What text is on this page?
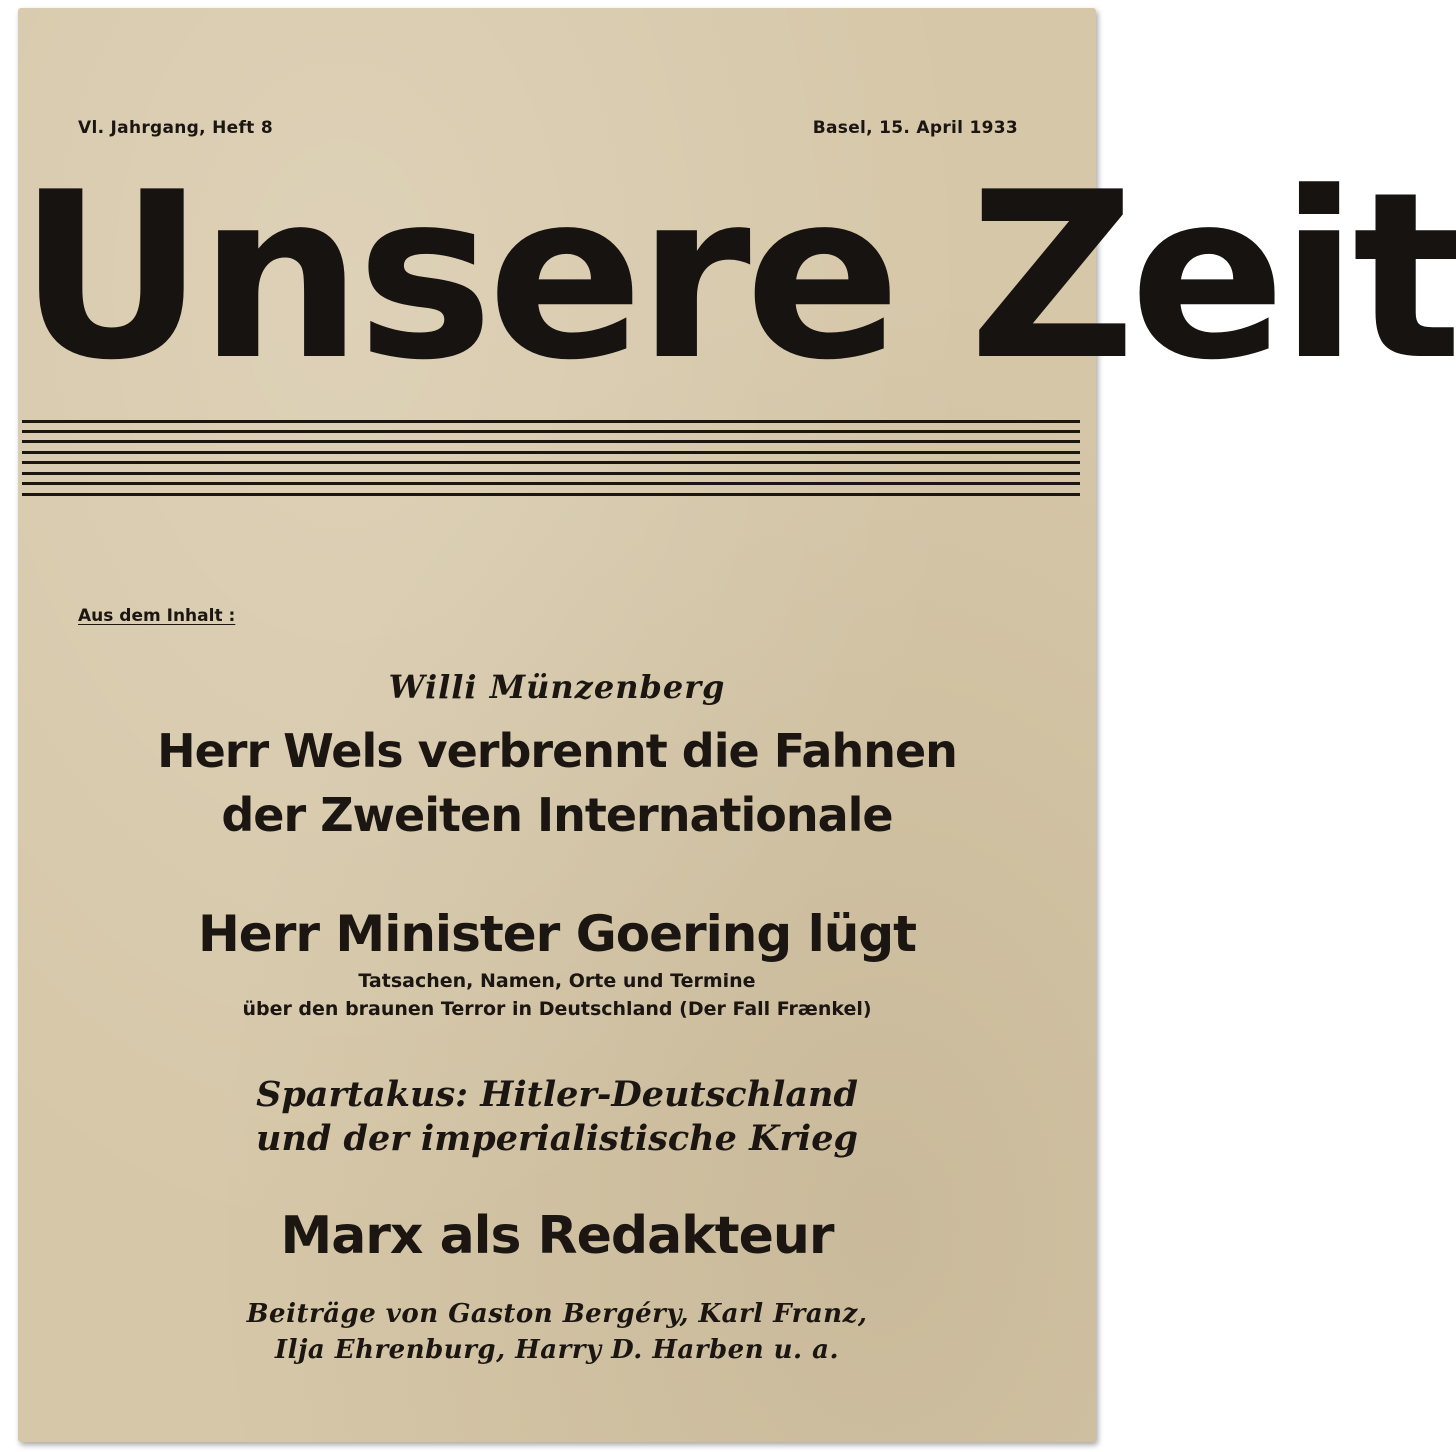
Vl. Jahrgang, Heft 8	Basel, 15. April 1933
Unsere Zeit
Aus dem Inhalt :
Willi Münzenberg
Herr Wels verbrennt die Fahnen
der Zweiten Internationale
Herr Minister Goering lügt
Tatsachen, Namen, Orte und Termine
über den braunen Terror in Deutschland (Der Fall Frænkel)
Spartakus: Hitler-Deutschland
und der imperialistische Krieg
Marx als Redakteur
Beiträge von Gaston Bergéry, Karl Franz,
Ilja Ehrenburg, Harry D. Harben u. a.
